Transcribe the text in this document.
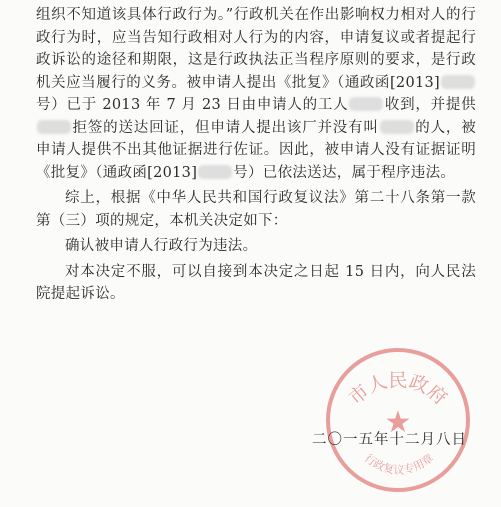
组织不知道该具体行政行为。”行政机关在作出影响权力相对人的行政行为时，应当告知行政相对人行为的内容，申请复议或者提起行政诉讼的途径和期限，这是行政执法正当程序原则的要求，是行政机关应当履行的义务。被申请人提出《批复》（通政函[2013]号）已于 2013 年 7 月 23 日由申请人的工人 收到，并提供拒签的送达回证，但申请人提出该厂并没有叫 的人，被申请人提供不出其他证据进行佐证。因此，被申请人没有证据证明《批复》（通政函[2013] 号）已依法送达，属于程序违法。

综上，根据《中华人民共和国行政复议法》第二十八条第一款第（三）项的规定，本机关决定如下：

确认被申请人行政行为违法。

对本决定不服，可以自接到本决定之日起 15 日内，向人民法院提起诉讼。

★
市人民政府
行政复议专用章
二〇一五年十二月八日
